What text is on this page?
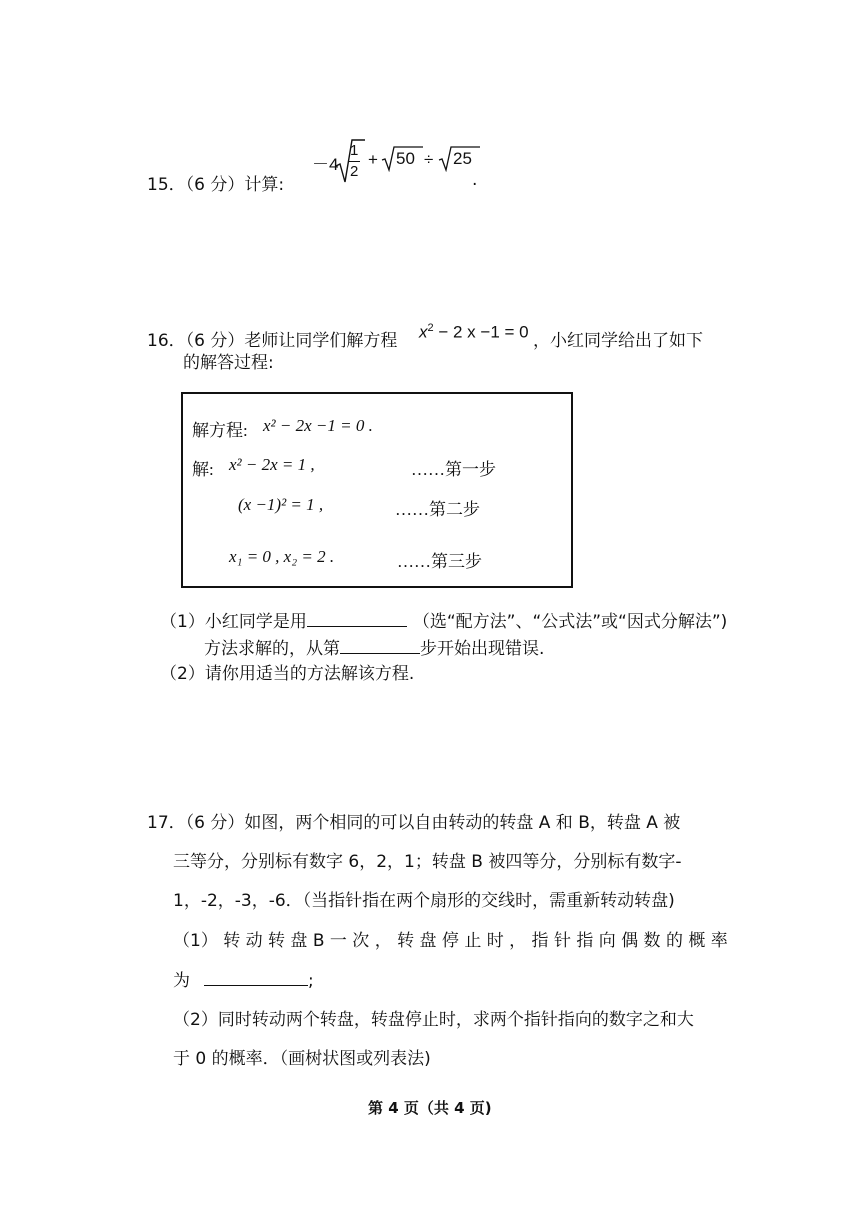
15．（6 分）计算:
－4
1
2
+ 50 ÷ 25
.
16．（6 分）老师让同学们解方程 $x^2 - 2$ x −1 = 0 ，小红同学给出了如下
的解答过程:
解方程: x² − 2x −1 = 0 .
解: x² − 2x = 1 ,	……第一步
(x −1)² = 1 ,	……第二步
x₁ = 0 , x₂ = 2 .	……第三步
（1）小红同学是用	（选“配方法”、“公式法”或“因式分解法”)
方法求解的，从第	步开始出现错误.
（2）请你用适当的方法解该方程.
17．（6 分）如图，两个相同的可以自由转动的转盘 A 和 B，转盘 A 被
三等分，分别标有数字 6，2，1；转盘 B 被四等分，分别标有数字-
1，-2，-3，-6．（当指针指在两个扇形的交线时，需重新转动转盘)
（1） 转 动 转 盘 B 一 次 ， 转 盘 停 止 时 ， 指 针 指 向 偶 数 的 概 率
为	;
（2）同时转动两个转盘，转盘停止时，求两个指针指向的数字之和大
于 0 的概率．（画树状图或列表法)
第 4 页（共 4 页)
